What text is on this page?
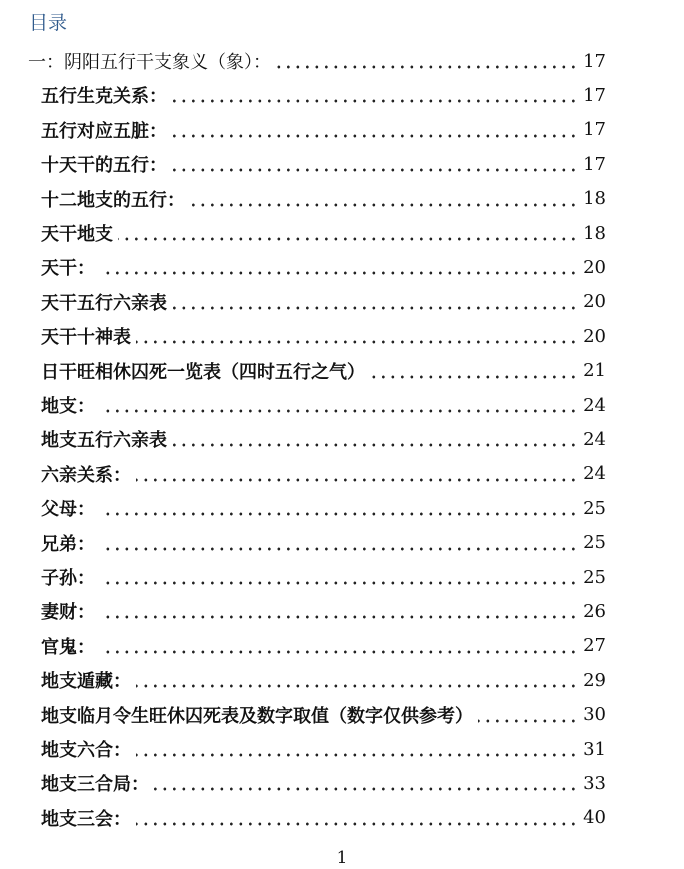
目录
一：阴阳五行干支象义（象）：	17
五行生克关系：	17
五行对应五脏：	17
十天干的五行：	17
十二地支的五行：	18
天干地支	18
天干：	20
天干五行六亲表	20
天干十神表	20
日干旺相休囚死一览表（四时五行之气）	21
地支：	24
地支五行六亲表	24
六亲关系：	24
父母：	25
兄弟：	25
子孙：	25
妻财：	26
官鬼：	27
地支遁藏：	29
地支临月令生旺休囚死表及数字取值（数字仅供参考）	30
地支六合：	31
地支三合局：	33
地支三会：	40
1
